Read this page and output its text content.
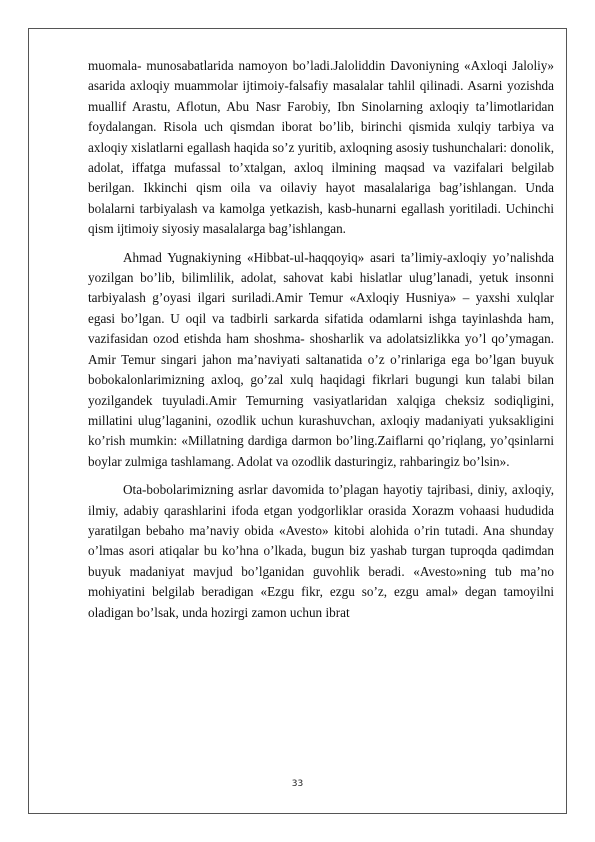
muomala- munosabatlarida namoyon bo’ladi.Jaloliddin Davoniyning «Axloqi Jaloliy» asarida axloqiy muammolar ijtimoiy-falsafiy masalalar tahlil qilinadi. Asarni yozishda muallif Arastu, Aflotun, Abu Nasr Farobiy, Ibn Sinolarning axloqiy ta’limotlaridan foydalangan. Risola uch qismdan iborat bo’lib, birinchi qismida xulqiy tarbiya va axloqiy xislatlarni egallash haqida so’z yuritib, axloqning asosiy tushunchalari: donolik, adolat, iffatga mufassal to’xtalgan, axloq ilmining maqsad va vazifalari belgilab berilgan. Ikkinchi qism oila va oilaviy hayot masalalariga bag’ishlangan. Unda bolalarni tarbiyalash va kamolga yetkazish, kasb-hunarni egallash yoritiladi. Uchinchi qism ijtimoiy siyosiy masalalarga bag’ishlangan.

Ahmad Yugnakiyning «Hibbat-ul-haqqoyiq» asari ta’limiy-axloqiy yo’nalishda yozilgan bo’lib, bilimlilik, adolat, sahovat kabi hislatlar ulug’lanadi, yetuk insonni tarbiyalash g’oyasi ilgari suriladi.Amir Temur «Axloqiy Husniya» – yaxshi xulqlar egasi bo’lgan. U oqil va tadbirli sarkarda sifatida odamlarni ishga tayinlashda ham, vazifasidan ozod etishda ham shoshma- shosharlik va adolatsizlikka yo’l qo’ymagan. Amir Temur singari jahon ma’naviyati saltanatida o’z o’rinlariga ega bo’lgan buyuk bobokalonlarimizning axloq, go’zal xulq haqidagi fikrlari bugungi kun talabi bilan yozilgandek tuyuladi.Amir Temurning vasiyatlaridan xalqiga cheksiz sodiqligini, millatini ulug’laganini, ozodlik uchun kurashuvchan, axloqiy madaniyati yuksakligini ko’rish mumkin: «Millatning dardiga darmon bo’ling.Zaiflarni qo’riqlang, yo’qsinlarni boylar zulmiga tashlamang. Adolat va ozodlik dasturingiz, rahbaringiz bo’lsin».

Ota-bobolarimizning asrlar davomida to’plagan hayotiy tajribasi, diniy, axloqiy, ilmiy, adabiy qarashlarini ifoda etgan yodgorliklar orasida Xorazm vohaasi hududida yaratilgan bebaho ma’naviy obida «Avesto» kitobi alohida o’rin tutadi. Ana shunday o’lmas asori atiqalar bu ko’hna o’lkada, bugun biz yashab turgan tuproqda qadimdan buyuk madaniyat mavjud bo’lganidan guvohlik beradi. «Avesto»ning tub ma’no mohiyatini belgilab beradigan «Ezgu fikr, ezgu so’z, ezgu amal» degan tamoyilni oladigan bo’lsak, unda hozirgi zamon uchun ibrat

33
